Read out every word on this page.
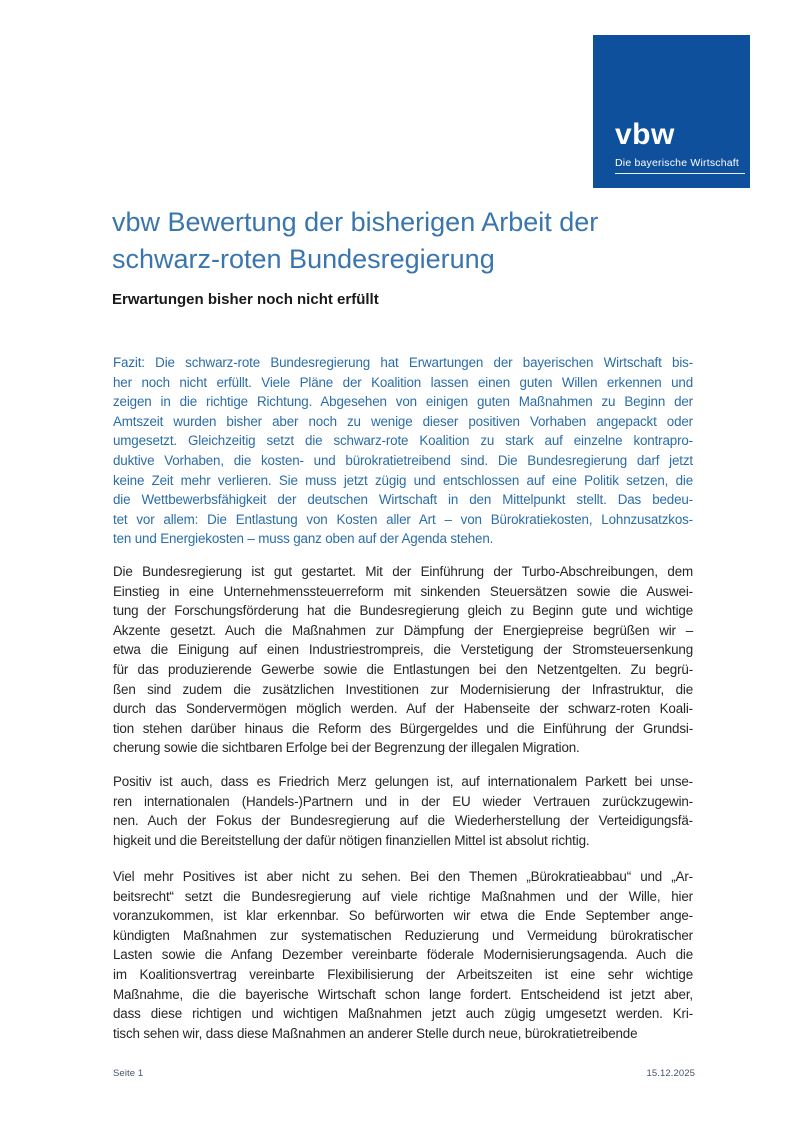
vbw
Die bayerische Wirtschaft
vbw Bewertung der bisherigen Arbeit der
schwarz-roten Bundesregierung
Erwartungen bisher noch nicht erfüllt
Fazit: Die schwarz-rote Bundesregierung hat Erwartungen der bayerischen Wirtschaft bis-
her noch nicht erfüllt. Viele Pläne der Koalition lassen einen guten Willen erkennen und
zeigen in die richtige Richtung. Abgesehen von einigen guten Maßnahmen zu Beginn der
Amtszeit wurden bisher aber noch zu wenige dieser positiven Vorhaben angepackt oder
umgesetzt. Gleichzeitig setzt die schwarz-rote Koalition zu stark auf einzelne kontrapro-
duktive Vorhaben, die kosten- und bürokratietreibend sind. Die Bundesregierung darf jetzt
keine Zeit mehr verlieren. Sie muss jetzt zügig und entschlossen auf eine Politik setzen, die
die Wettbewerbsfähigkeit der deutschen Wirtschaft in den Mittelpunkt stellt. Das bedeu-
tet vor allem: Die Entlastung von Kosten aller Art – von Bürokratiekosten, Lohnzusatzkos-
ten und Energiekosten – muss ganz oben auf der Agenda stehen.
Die Bundesregierung ist gut gestartet. Mit der Einführung der Turbo-Abschreibungen, dem
Einstieg in eine Unternehmenssteuerreform mit sinkenden Steuersätzen sowie die Auswei-
tung der Forschungsförderung hat die Bundesregierung gleich zu Beginn gute und wichtige
Akzente gesetzt. Auch die Maßnahmen zur Dämpfung der Energiepreise begrüßen wir –
etwa die Einigung auf einen Industriestrompreis, die Verstetigung der Stromsteuersenkung
für das produzierende Gewerbe sowie die Entlastungen bei den Netzentgelten. Zu begrü-
ßen sind zudem die zusätzlichen Investitionen zur Modernisierung der Infrastruktur, die
durch das Sondervermögen möglich werden. Auf der Habenseite der schwarz-roten Koali-
tion stehen darüber hinaus die Reform des Bürgergeldes und die Einführung der Grundsi-
cherung sowie die sichtbaren Erfolge bei der Begrenzung der illegalen Migration.
Positiv ist auch, dass es Friedrich Merz gelungen ist, auf internationalem Parkett bei unse-
ren internationalen (Handels-)Partnern und in der EU wieder Vertrauen zurückzugewin-
nen. Auch der Fokus der Bundesregierung auf die Wiederherstellung der Verteidigungsfä-
higkeit und die Bereitstellung der dafür nötigen finanziellen Mittel ist absolut richtig.
Viel mehr Positives ist aber nicht zu sehen. Bei den Themen „Bürokratieabbau“ und „Ar-
beitsrecht“ setzt die Bundesregierung auf viele richtige Maßnahmen und der Wille, hier
voranzukommen, ist klar erkennbar. So befürworten wir etwa die Ende September ange-
kündigten Maßnahmen zur systematischen Reduzierung und Vermeidung bürokratischer
Lasten sowie die Anfang Dezember vereinbarte föderale Modernisierungsagenda. Auch die
im Koalitionsvertrag vereinbarte Flexibilisierung der Arbeitszeiten ist eine sehr wichtige
Maßnahme, die die bayerische Wirtschaft schon lange fordert. Entscheidend ist jetzt aber,
dass diese richtigen und wichtigen Maßnahmen jetzt auch zügig umgesetzt werden. Kri-
tisch sehen wir, dass diese Maßnahmen an anderer Stelle durch neue, bürokratietreibende
Seite 1	15.12.2025
